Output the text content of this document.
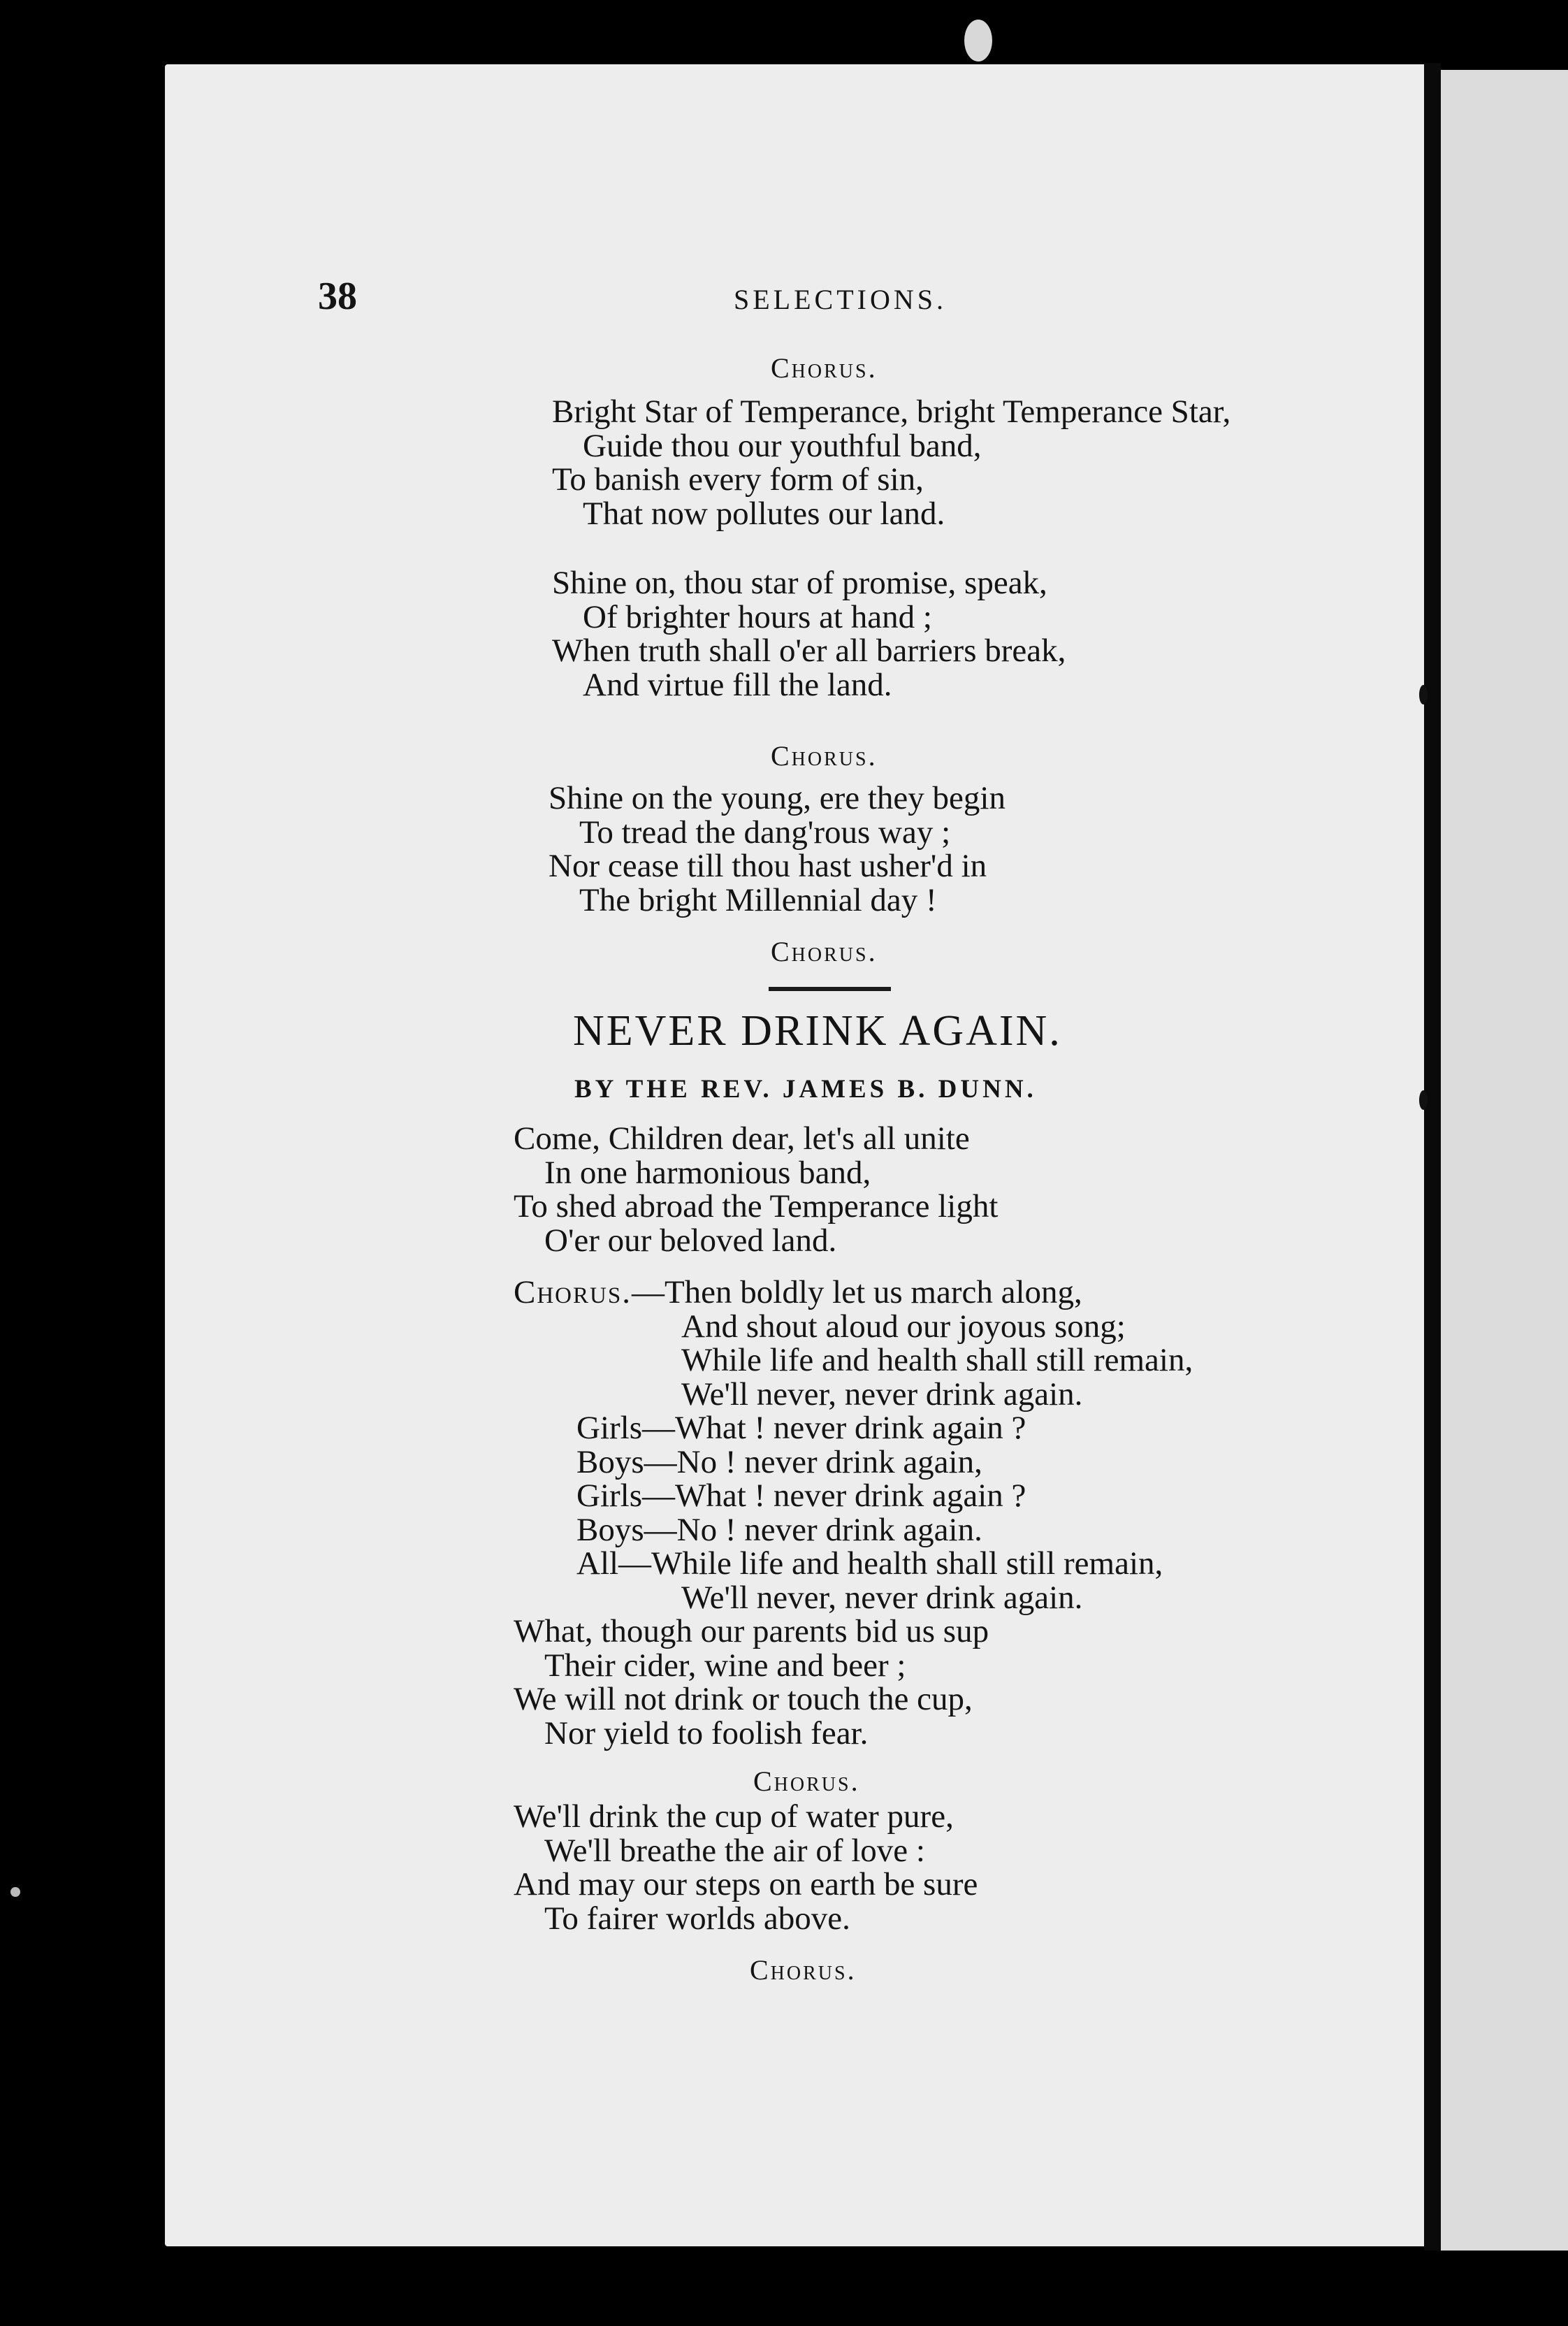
38	SELECTIONS.
Chorus.
Bright Star of Temperance, bright Temperance Star,
Guide thou our youthful band,
To banish every form of sin,
That now pollutes our land.
Shine on, thou star of promise, speak,
Of brighter hours at hand ;
When truth shall o'er all barriers break,
And virtue fill the land.
Chorus.
Shine on the young, ere they begin
To tread the dang'rous way ;
Nor cease till thou hast usher'd in
The bright Millennial day !
Chorus.
NEVER DRINK AGAIN.
BY THE REV. JAMES B. DUNN.
Come, Children dear, let's all unite
In one harmonious band,
To shed abroad the Temperance light
O'er our beloved land.
Chorus.—Then boldly let us march along,
And shout aloud our joyous song;
While life and health shall still remain,
We'll never, never drink again.
Girls—What ! never drink again ?
Boys—No ! never drink again,
Girls—What ! never drink again ?
Boys—No ! never drink again.
All—While life and health shall still remain,
We'll never, never drink again.
What, though our parents bid us sup
Their cider, wine and beer ;
We will not drink or touch the cup,
Nor yield to foolish fear.
Chorus.
We'll drink the cup of water pure,
We'll breathe the air of love :
And may our steps on earth be sure
To fairer worlds above.
Chorus.
